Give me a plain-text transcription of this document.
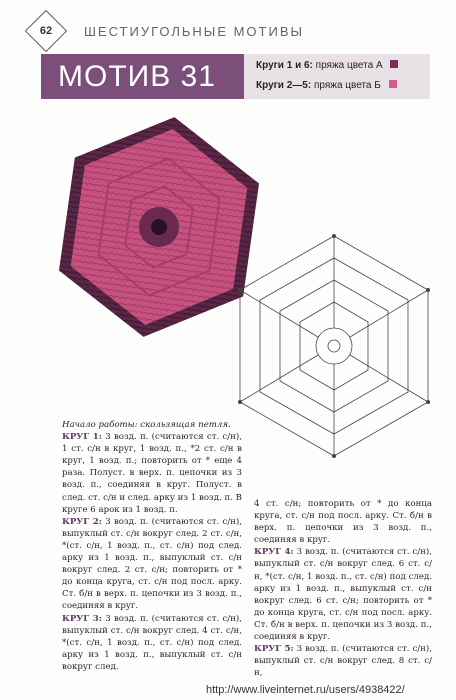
62	ШЕСТИУГОЛЬНЫЕ МОТИВЫ
МОТИВ 31	Круги 1 и 6: пряжа цвета А
Круги 2—5: пряжа цвета Б

Начало работы: скользящая петля.

КРУГ 1: 3 возд. п. (считаются ст. с/н), 1 ст. с/н в круг, 1 возд. п., *2 ст. с/н в круг, 1 возд. п.; повторить от * еще 4 раза. Полуст. в верх. п. цепочки из 3 возд. п., соединяя в круг. Полуст. в след. ст. с/н и след. арку из 1 возд. п. В круге 6 арок из 1 возд. п.

КРУГ 2: 3 возд. п. (считаются ст. с/н), выпуклый ст. с/н вокруг след. 2 ст. с/н, *(ст. с/н, 1 возд. п., ст. с/н) под след. арку из 1 возд. п., выпуклый ст. с/н вокруг след. 2 ст. с/н; повторить от * до конца круга, ст. с/н под посл. арку. Ст. б/н в верх. п. цепочки из 3 возд. п., соединяя в круг.

КРУГ 3: 3 возд. п. (считаются ст. с/н), выпуклый ст. с/н вокруг след. 4 ст. с/н, *(ст. с/н, 1 возд. п., ст. с/н) под след. арку из 1 возд. п., выпуклый ст. с/н вокруг след.

4 ст. с/н; повторить от * до конца круга, ст. с/н под посл. арку. Ст. б/н в верх. п. цепочки из 3 возд. п., соединяя в круг.

КРУГ 4: 3 возд. п. (считаются ст. с/н), выпуклый ст. с/н вокруг след. 6 ст. с/н, *(ст. с/н, 1 возд. п., ст. с/н) под след. арку из 1 возд. п., выпуклый ст. с/н вокруг след. 6 ст. с/н; повторить от * до конца круга, ст. с/н под посл. арку. Ст. б/н в верх. п. цепочки из 3 возд. п., соединяя в круг.

КРУГ 5: 3 возд. п. (считаются ст. с/н), выпуклый ст. с/н вокруг след. 8 ст. с/н,

http://www.liveinternet.ru/users/4938422/
